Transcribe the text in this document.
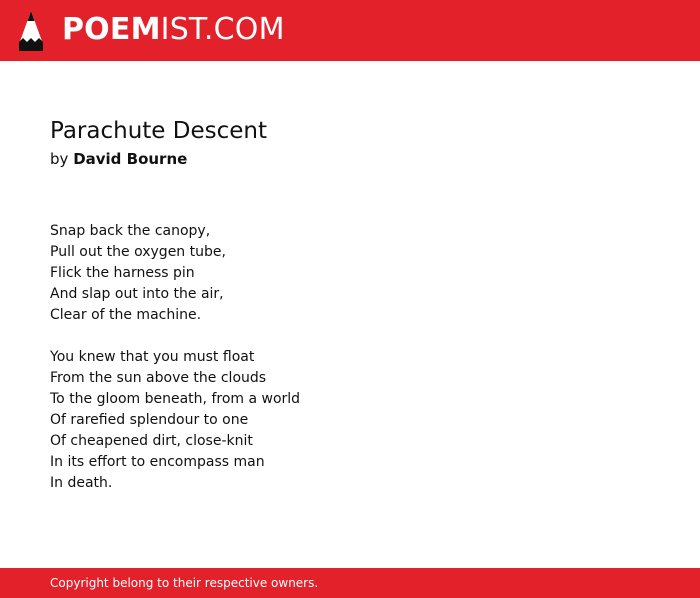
POEMIST.COM
Parachute Descent

by David Bourne

Snap back the canopy,
Pull out the oxygen tube,
Flick the harness pin
And slap out into the air,
Clear of the machine.

You knew that you must float
From the sun above the clouds
To the gloom beneath, from a world
Of rarefied splendour to one
Of cheapened dirt, close-knit
In its effort to encompass man
In death.

Copyright belong to their respective owners.
